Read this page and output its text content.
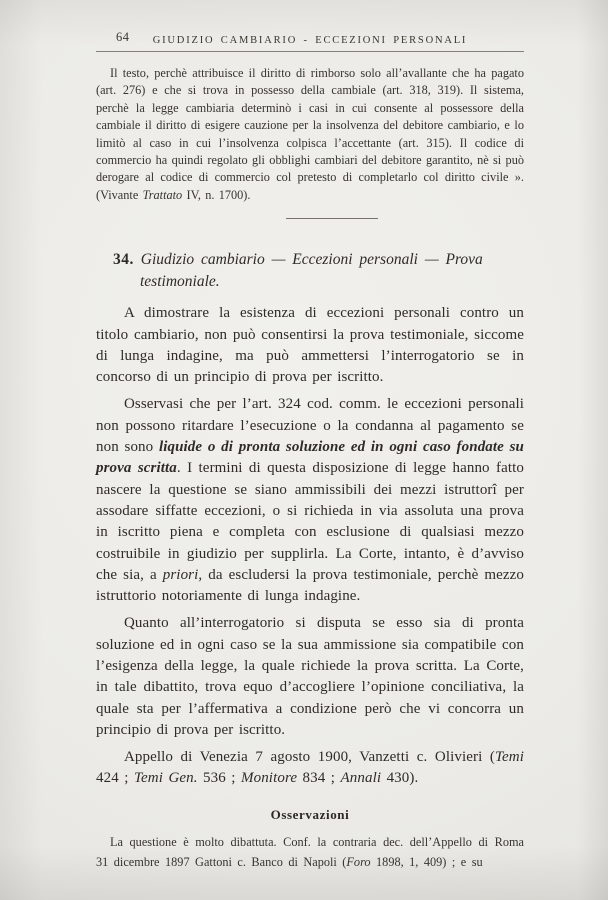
64 GIUDIZIO CAMBIARIO - ECCEZIONI PERSONALI

Il testo, perchè attribuisce il diritto di rimborso solo all’avallante che ha pagato (art. 276) e che si trova in possesso della cambiale (art. 318, 319). Il sistema, perchè la legge cambiaria determinò i casi in cui consente al possessore della cambiale il diritto di esigere cauzione per la insolvenza del debitore cambiario, e lo limitò al caso in cui l’insolvenza colpisca l’accettante (art. 315). Il codice di commercio ha quindi regolato gli obblighi cambiari del debitore garantito, nè si può derogare al codice di commercio col pretesto di completarlo col diritto civile ». (Vivante Trattato IV, n. 1700).

34. Giudizio cambiario — Eccezioni personali — Prova testimoniale.

A dimostrare la esistenza di eccezioni personali contro un titolo cambiario, non può consentirsi la prova testimoniale, siccome di lunga indagine, ma può ammettersi l’interrogatorio se in concorso di un principio di prova per iscritto.

Osservasi che per l’art. 324 cod. comm. le eccezioni personali non possono ritardare l’esecuzione o la condanna al pagamento se non sono liquide o di pronta soluzione ed in ogni caso fondate su prova scritta. I termini di questa disposizione di legge hanno fatto nascere la questione se siano ammissibili dei mezzi istruttorî per assodare siffatte eccezioni, o si richieda in via assoluta una prova in iscritto piena e completa con esclusione di qualsiasi mezzo costruibile in giudizio per supplirla. La Corte, intanto, è d’avviso che sia, a priori, da escludersi la prova testimoniale, perchè mezzo istruttorio notoriamente di lunga indagine.

Quanto all’interrogatorio si disputa se esso sia di pronta soluzione ed in ogni caso se la sua ammissione sia compatibile con l’esigenza della legge, la quale richiede la prova scritta. La Corte, in tale dibattito, trova equo d’accogliere l’opinione conciliativa, la quale sta per l’affermativa a condizione però che vi concorra un principio di prova per iscritto.

Appello di Venezia 7 agosto 1900, Vanzetti c. Olivieri (Temi 424 ; Temi Gen. 536 ; Monitore 834 ; Annali 430).

Osservazioni

La questione è molto dibattuta. Conf. la contraria dec. dell’Appello di Roma 31 dicembre 1897 Gattoni c. Banco di Napoli (Foro 1898, 1, 409) ; e su
